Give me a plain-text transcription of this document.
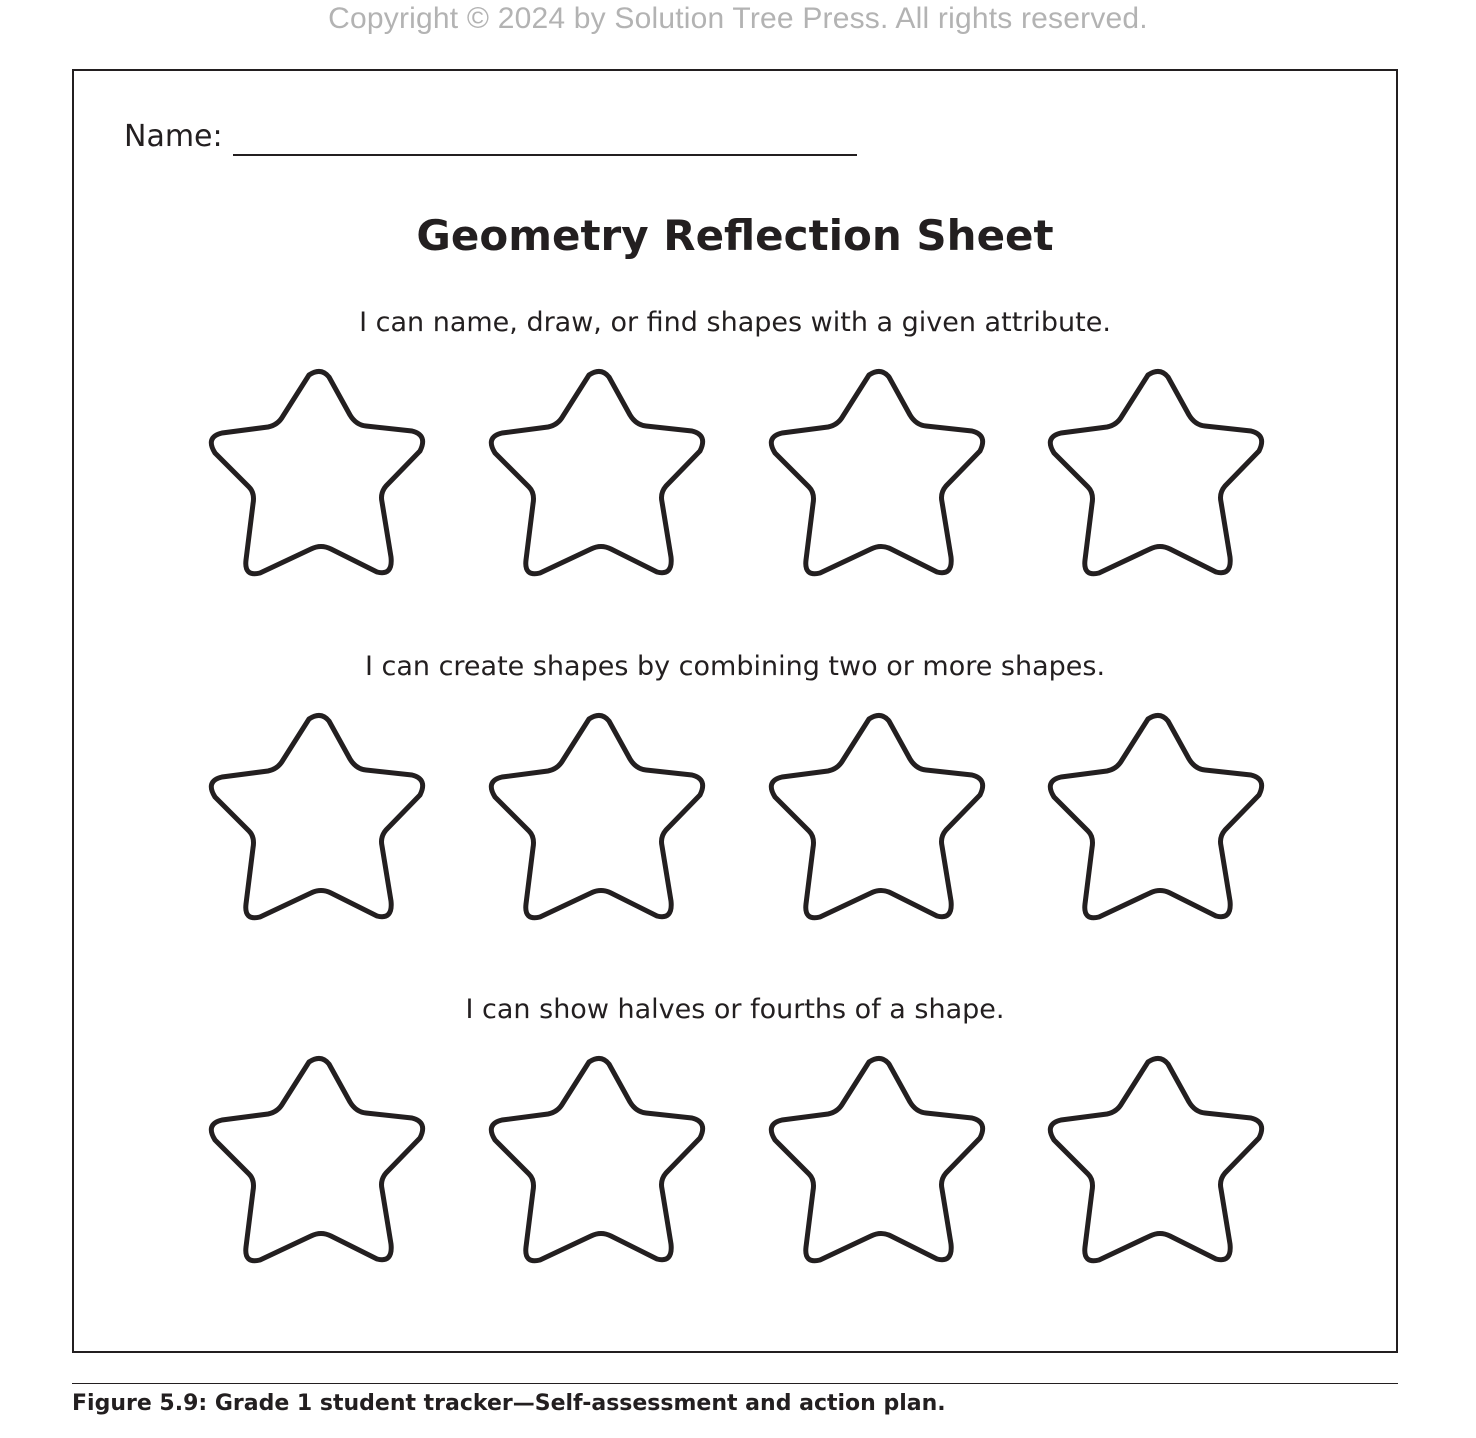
Copyright © 2024 by Solution Tree Press. All rights reserved.
Name:
Geometry Reflection Sheet
I can name, draw, or find shapes with a given attribute.
I can create shapes by combining two or more shapes.
I can show halves or fourths of a shape.
Figure 5.9: Grade 1 student tracker—Self-assessment and action plan.
